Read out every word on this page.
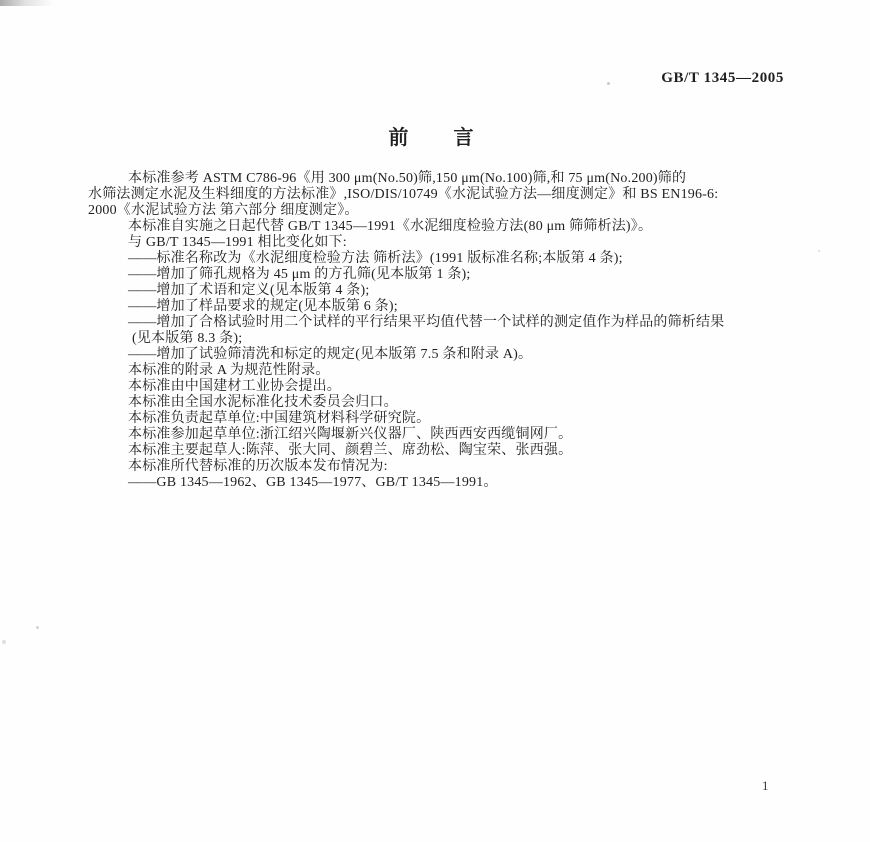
GB/T 1345—2005
前 言
本标准参考 ASTM C786-96《用 300 μm(No.50)筛,150 μm(No.100)筛,和 75 μm(No.200)筛的
水筛法测定水泥及生料细度的方法标准》,ISO/DIS/10749《水泥试验方法—细度测定》和 BS EN196-6:
2000《水泥试验方法 第六部分 细度测定》。
本标准自实施之日起代替 GB/T 1345—1991《水泥细度检验方法(80 μm 筛筛析法)》。
与 GB/T 1345—1991 相比变化如下:
——标准名称改为《水泥细度检验方法 筛析法》(1991 版标准名称;本版第 4 条);
——增加了筛孔规格为 45 μm 的方孔筛(见本版第 1 条);
——增加了术语和定义(见本版第 4 条);
——增加了样品要求的规定(见本版第 6 条);
——增加了合格试验时用二个试样的平行结果平均值代替一个试样的测定值作为样品的筛析结果
(见本版第 8.3 条);
——增加了试验筛清洗和标定的规定(见本版第 7.5 条和附录 A)。
本标准的附录 A 为规范性附录。
本标准由中国建材工业协会提出。
本标准由全国水泥标准化技术委员会归口。
本标准负责起草单位:中国建筑材料科学研究院。
本标准参加起草单位:浙江绍兴陶堰新兴仪器厂、陕西西安西缆铜网厂。
本标准主要起草人:陈萍、张大同、颜碧兰、席劲松、陶宝荣、张西强。
本标准所代替标准的历次版本发布情况为:
——GB 1345—1962、GB 1345—1977、GB/T 1345—1991。
1
